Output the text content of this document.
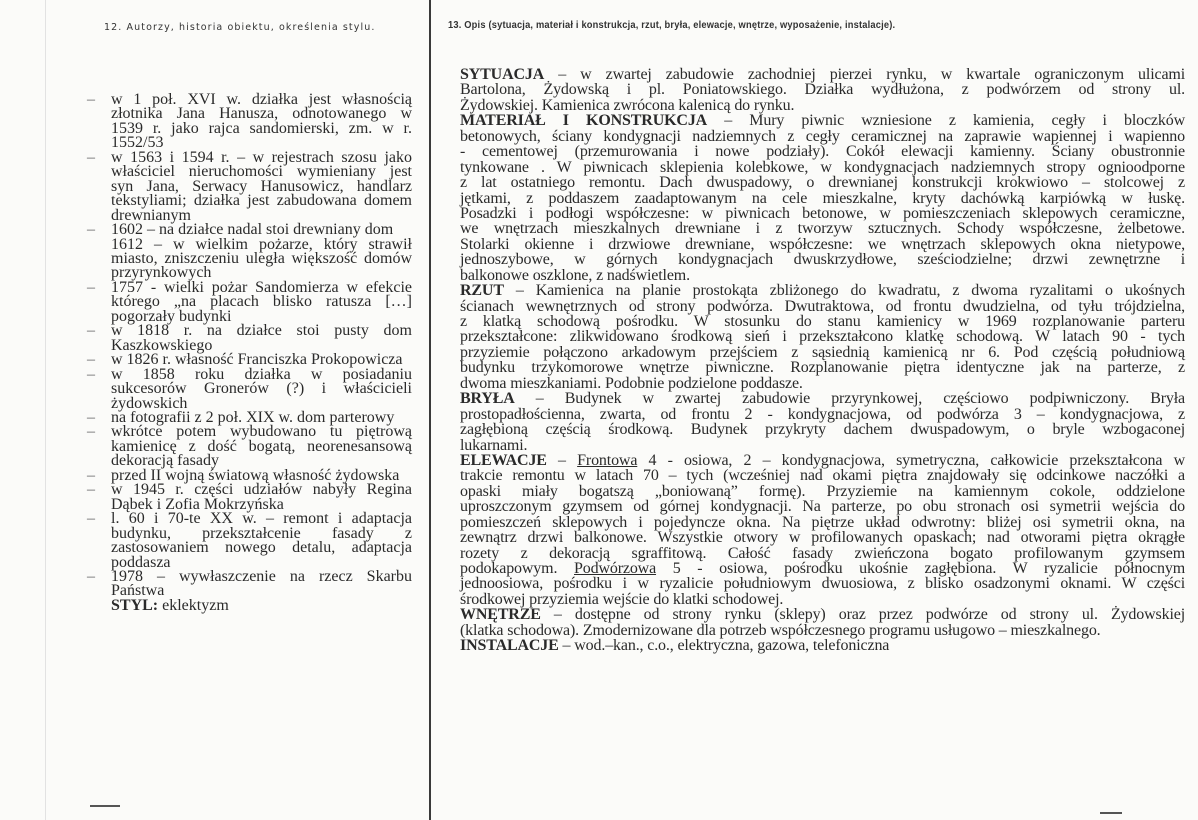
12. Autorzy, historia obiektu, określenia stylu.	13. Opis (sytuacja, materiał i konstrukcja, rzut, bryła, elewacje, wnętrze, wyposażenie, instalacje).
– w 1 poł. XVI w. działka jest własnością
złotnika Jana Hanusza, odnotowanego w
1539 r. jako rajca sandomierski, zm. w r.
1552/53
– w 1563 i 1594 r. – w rejestrach szosu jako
właściciel nieruchomości wymieniany jest
syn Jana, Serwacy Hanusowicz, handlarz
tekstyliami; działka jest zabudowana domem
drewnianym
– 1602 – na działce nadal stoi drewniany dom
1612 – w wielkim pożarze, który strawił
miasto, zniszczeniu uległa większość domów
przyrynkowych
– 1757 - wielki pożar Sandomierza w efekcie
którego „na placach blisko ratusza […]
pogorzały budynki
– w 1818 r. na działce stoi pusty dom
Kaszkowskiego
– w 1826 r. własność Franciszka Prokopowicza
– w 1858 roku działka w posiadaniu
sukcesorów Gronerów (?) i właścicieli
żydowskich
– na fotografii z 2 poł. XIX w. dom parterowy
– wkrótce potem wybudowano tu piętrową
kamienicę z dość bogatą, neorenesansową
dekoracją fasady
– przed II wojną światową własność żydowska
– w 1945 r. części udziałów nabyły Regina
Dąbek i Zofia Mokrzyńska
– l. 60 i 70-te XX w. – remont i adaptacja
budynku, przekształcenie fasady z
zastosowaniem nowego detalu, adaptacja
poddasza
– 1978 – wywłaszczenie na rzecz Skarbu
Państwa
STYL: eklektyzm
SYTUACJA – w zwartej zabudowie zachodniej pierzei rynku, w kwartale ograniczonym ulicami
Bartolona, Żydowską i pl. Poniatowskiego. Działka wydłużona, z podwórzem od strony ul.
Żydowskiej. Kamienica zwrócona kalenicą do rynku.
MATERIAŁ I KONSTRUKCJA – Mury piwnic wzniesione z kamienia, cegły i bloczków
betonowych, ściany kondygnacji nadziemnych z cegły ceramicznej na zaprawie wapiennej i wapienno
- cementowej (przemurowania i nowe podziały). Cokół elewacji kamienny. Ściany obustronnie
tynkowane . W piwnicach sklepienia kolebkowe, w kondygnacjach nadziemnych stropy ognioodporne
z lat ostatniego remontu. Dach dwuspadowy, o drewnianej konstrukcji krokwiowo – stolcowej z
jętkami, z poddaszem zaadaptowanym na cele mieszkalne, kryty dachówką karpiówką w łuskę.
Posadzki i podłogi współczesne: w piwnicach betonowe, w pomieszczeniach sklepowych ceramiczne,
we wnętrzach mieszkalnych drewniane i z tworzyw sztucznych. Schody współczesne, żelbetowe.
Stolarki okienne i drzwiowe drewniane, współczesne: we wnętrzach sklepowych okna nietypowe,
jednoszybowe, w górnych kondygnacjach dwuskrzydłowe, sześciodzielne; drzwi zewnętrzne i
balkonowe oszklone, z nadświetlem.
RZUT – Kamienica na planie prostokąta zbliżonego do kwadratu, z dwoma ryzalitami o ukośnych
ścianach wewnętrznych od strony podwórza. Dwutraktowa, od frontu dwudzielna, od tyłu trójdzielna,
z klatką schodową pośrodku. W stosunku do stanu kamienicy w 1969 rozplanowanie parteru
przekształcone: zlikwidowano środkową sień i przekształcono klatkę schodową. W latach 90 - tych
przyziemie połączono arkadowym przejściem z sąsiednią kamienicą nr 6. Pod częścią południową
budynku trzykomorowe wnętrze piwniczne. Rozplanowanie piętra identyczne jak na parterze, z
dwoma mieszkaniami. Podobnie podzielone poddasze.
BRYŁA – Budynek w zwartej zabudowie przyrynkowej, częściowo podpiwniczony. Bryła
prostopadłościenna, zwarta, od frontu 2 - kondygnacjowa, od podwórza 3 – kondygnacjowa, z
zagłębioną częścią środkową. Budynek przykryty dachem dwuspadowym, o bryle wzbogaconej
lukarnami.
ELEWACJE – Frontowa 4 - osiowa, 2 – kondygnacjowa, symetryczna, całkowicie przekształcona w
trakcie remontu w latach 70 – tych (wcześniej nad okami piętra znajdowały się odcinkowe naczółki a
opaski miały bogatszą „boniowaną” formę). Przyziemie na kamiennym cokole, oddzielone
uproszczonym gzymsem od górnej kondygnacji. Na parterze, po obu stronach osi symetrii wejścia do
pomieszczeń sklepowych i pojedyncze okna. Na piętrze układ odwrotny: bliżej osi symetrii okna, na
zewnątrz drzwi balkonowe. Wszystkie otwory w profilowanych opaskach; nad otworami piętra okrągłe
rozety z dekoracją sgraffitową. Całość fasady zwieńczona bogato profilowanym gzymsem
podokapowym. Podwórzowa 5 - osiowa, pośrodku ukośnie zagłębiona. W ryzalicie północnym
jednoosiowa, pośrodku i w ryzalicie południowym dwuosiowa, z blisko osadzonymi oknami. W części
środkowej przyziemia wejście do klatki schodowej.
WNĘTRZE – dostępne od strony rynku (sklepy) oraz przez podwórze od strony ul. Żydowskiej
(klatka schodowa). Zmodernizowane dla potrzeb współczesnego programu usługowo – mieszkalnego.
INSTALACJE – wod.–kan., c.o., elektryczna, gazowa, telefoniczna
